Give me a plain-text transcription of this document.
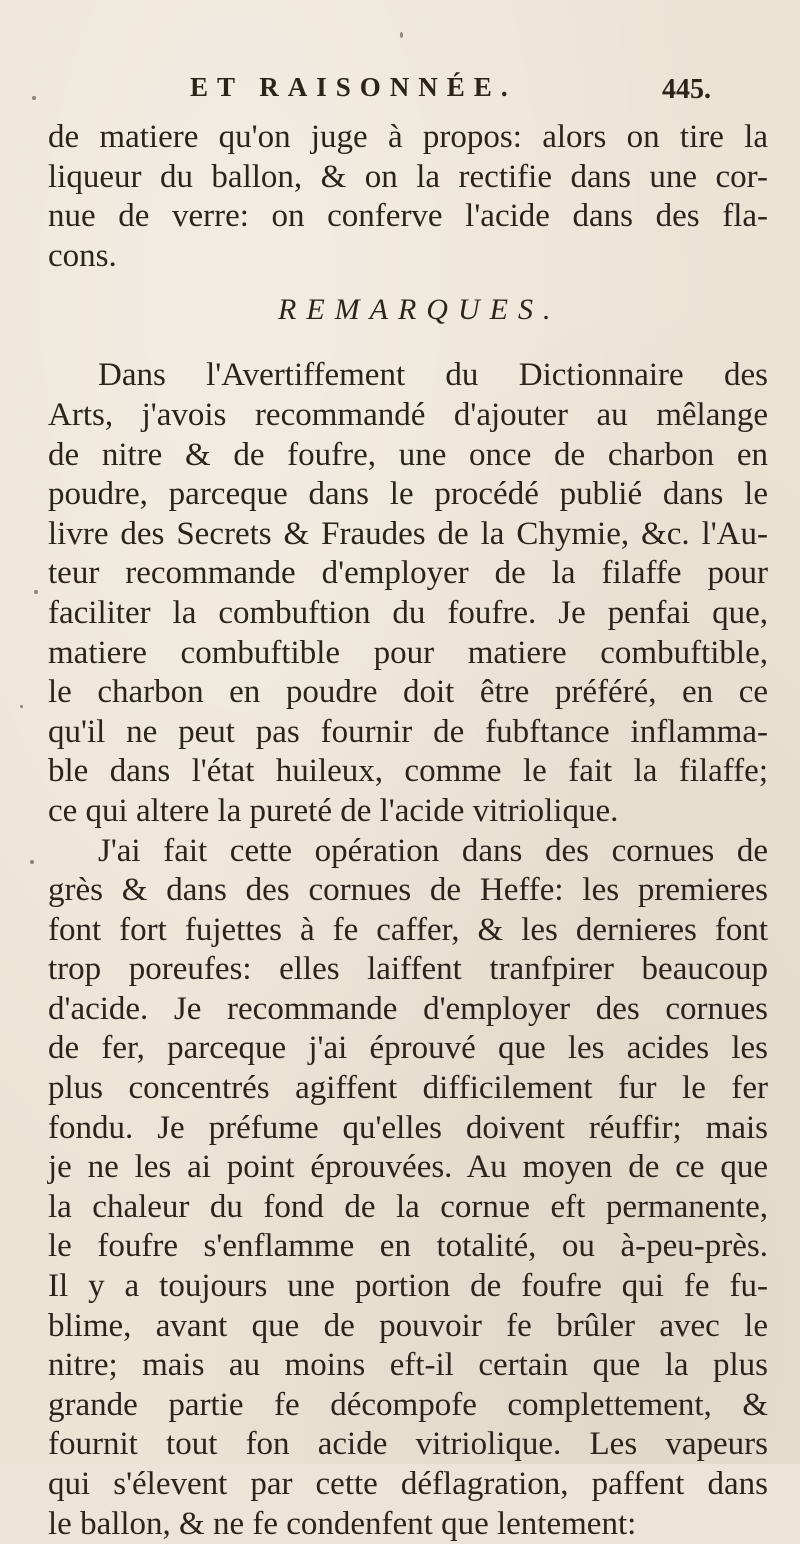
ET RAISONNÉE.	445.
de matiere qu'on juge à propos: alors on tire la
liqueur du ballon, & on la rectifie dans une cor-
nue de verre: on conferve l'acide dans des fla-
cons.
REMARQUES.
Dans l'Avertiffement du Dictionnaire des
Arts, j'avois recommandé d'ajouter au mêlange
de nitre & de foufre, une once de charbon en
poudre, parceque dans le procédé publié dans le
livre des Secrets & Fraudes de la Chymie, &c. l'Au-
teur recommande d'employer de la filaffe pour
faciliter la combuftion du foufre. Je penfai que,
matiere combuftible pour matiere combuftible,
le charbon en poudre doit être préféré, en ce
qu'il ne peut pas fournir de fubftance inflamma-
ble dans l'état huileux, comme le fait la filaffe;
ce qui altere la pureté de l'acide vitriolique.
J'ai fait cette opération dans des cornues de
grès & dans des cornues de Heffe: les premieres
font fort fujettes à fe caffer, & les dernieres font
trop poreufes: elles laiffent tranfpirer beaucoup
d'acide. Je recommande d'employer des cornues
de fer, parceque j'ai éprouvé que les acides les
plus concentrés agiffent difficilement fur le fer
fondu. Je préfume qu'elles doivent réuffir; mais
je ne les ai point éprouvées. Au moyen de ce que
la chaleur du fond de la cornue eft permanente,
le foufre s'enflamme en totalité, ou à-peu-près.
Il y a toujours une portion de foufre qui fe fu-
blime, avant que de pouvoir fe brûler avec le
nitre; mais au moins eft-il certain que la plus
grande partie fe décompofe complettement, &
fournit tout fon acide vitriolique. Les vapeurs
qui s'élevent par cette déflagration, paffent dans
le ballon, & ne fe condenfent que lentement:
